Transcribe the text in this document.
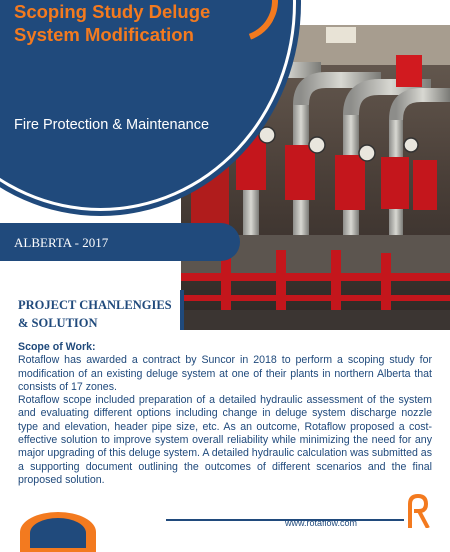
Scoping Study Deluge System Modification

Fire Protection & Maintenance

ALBERTA - 2017

PROJECT CHANLENGIES & SOLUTION

Scope of Work:

Rotaflow has awarded a contract by Suncor in 2018 to perform a scoping study for modification of an existing deluge system at one of their plants in northern Alberta that consists of 17 zones.

Rotaflow scope included preparation of a detailed hydraulic assessment of the system and evaluating different options including change in deluge system discharge nozzle type and elevation, header pipe size, etc. As an outcome, Rotaflow proposed a cost-effective solution to improve system overall reliability while minimizing the need for any major upgrading of this deluge system. A detailed hydraulic calculation was submitted as a supporting document outlining the outcomes of different scenarios and the final proposed solution.

www.rotaflow.com
